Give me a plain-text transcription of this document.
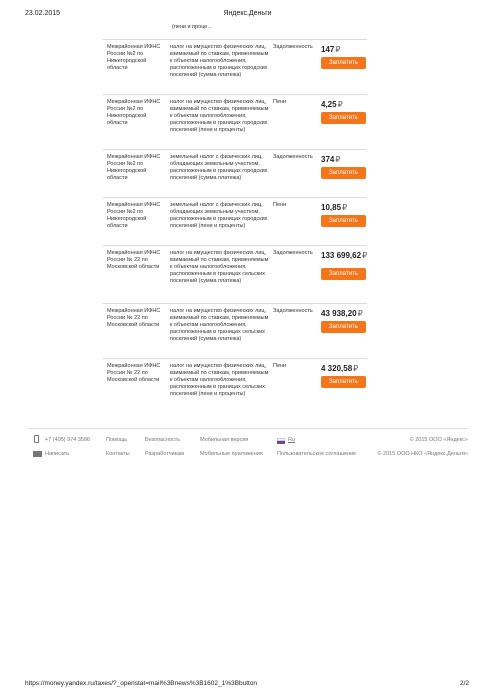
23.02.2015	Яндекс.Деньги
(пени и проце...
Межрайонная ИФНС России №2 по Нижегородской области
налог на имущество физических лиц, взимаемый по ставкам, применяемым к объектам налогообложения, расположенным в границах городских поселений (сумма платежа)
Задолженность	147₽
Заплатить
Межрайонная ИФНС России №2 по Нижегородской области
налог на имущество физических лиц, взимаемый по ставкам, применяемым к объектам налогообложения, расположенным в границах городских поселений (пени и проценты)
Пени	4,25₽
Заплатить
Межрайонная ИФНС России №2 по Нижегородской области
земельный налог с физических лиц, обладающих земельным участком, расположенным в границах городских поселений (сумма платежа)
Задолженность	374₽
Заплатить
Межрайонная ИФНС России №2 по Нижегородской области
земельный налог с физических лиц, обладающих земельным участком, расположенным в границах городских поселений (пени и проценты)
Пени	10,85₽
Заплатить
Межрайонная ИФНС России № 22 по Московской области
налог на имущество физических лиц, взимаемый по ставкам, применяемым к объектам налогообложения, расположенным в границах сельских поселений (сумма платежа)
Задолженность	133 699,62₽
Заплатить
Межрайонная ИФНС России № 22 по Московской области
налог на имущество физических лиц, взимаемый по ставкам, применяемым к объектам налогообложения, расположенным в границах сельских поселений (сумма платежа)
Задолженность	43 938,20₽
Заплатить
Межрайонная ИФНС России № 22 по Московской области
налог на имущество физических лиц, взимаемый по ставкам, применяемым к объектам налогообложения, расположенным в границах сельских поселений (пени и проценты)
Пени	4 320,58₽
Заплатить
+7 (495) 974 3586
Написать
Помощь
Контакты
Безопасность
Разработчикам
Мобильная версия
Мобильные приложения
Ru
Пользовательское соглашение
© 2015 ООО «Яндекс»
© 2015 ООО НКО «Яндекс.Деньги»
https://money.yandex.ru/taxes/?_openstat=mail%3Bnews%3B1602_1%3Bbutton	2/2
